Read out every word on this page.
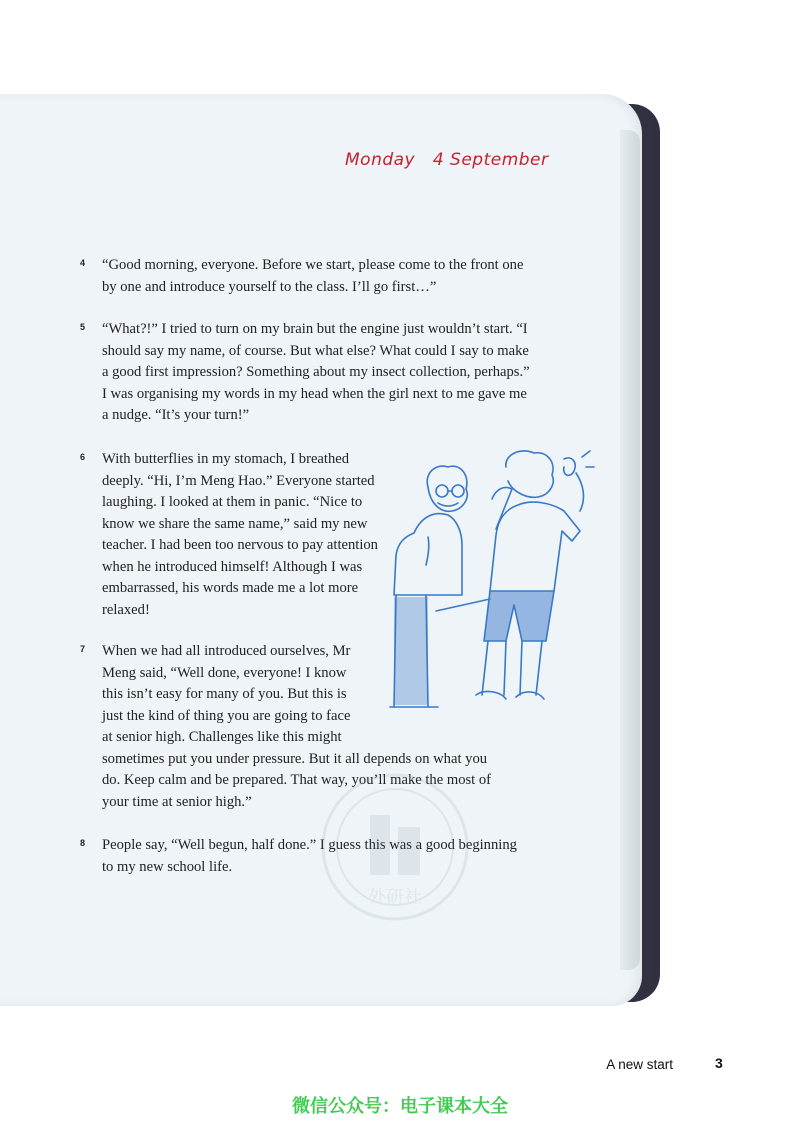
Monday   4 September
4 “Good morning, everyone. Before we start, please come to the front one by one and introduce yourself to the class. I’ll go first…”
5 “What?!” I tried to turn on my brain but the engine just wouldn’t start. “I should say my name, of course. But what else? What could I say to make a good first impression? Something about my insect collection, perhaps.” I was organising my words in my head when the girl next to me gave me a nudge. “It’s your turn!”
6 With butterflies in my stomach, I breathed deeply. “Hi, I’m Meng Hao.” Everyone started laughing. I looked at them in panic. “Nice to know we share the same name,” said my new teacher. I had been too nervous to pay attention when he introduced himself! Although I was embarrassed, his words made me a lot more relaxed!
7 When we had all introduced ourselves, Mr
Meng said, “Well done, everyone! I know
this isn’t easy for many of you. But this is
just the kind of thing you are going to face
at senior high. Challenges like this might
sometimes put you under pressure. But it all depends on what you
do. Keep calm and be prepared. That way, you’ll make the most of
your time at senior high.”
8 People say, “Well begun, half done.” I guess this was a good beginning to my new school life.
外研社
A new start	3
微信公众号：电子课本大全
